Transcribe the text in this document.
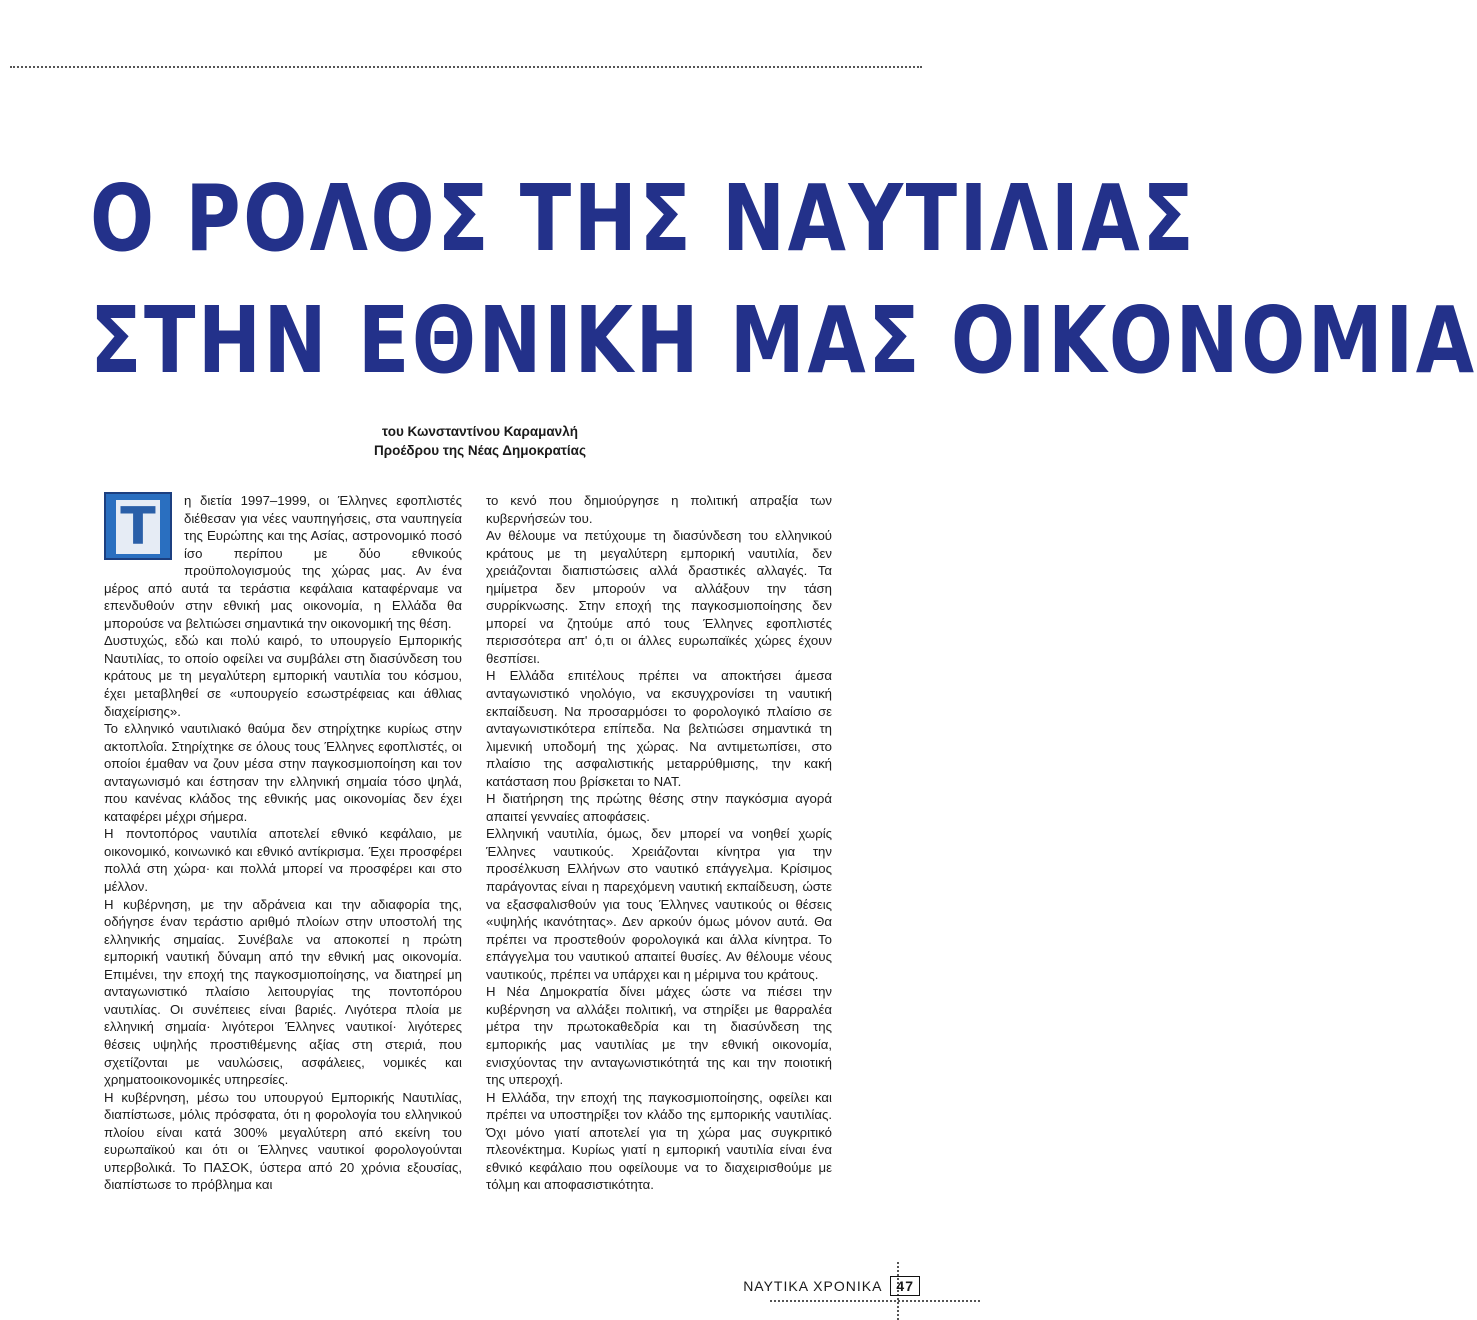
Ο ΡΟΛΟΣ ΤΗΣ ΝΑΥΤΙΛΙΑΣ
ΣΤΗΝ ΕΘΝΙΚΗ ΜΑΣ ΟΙΚΟΝΟΜΙΑ
του Κωνσταντίνου Καραμανλή
Προέδρου της Νέας Δημοκρατίας
Τ	η διετία 1997–1999, οι Έλληνες εφοπλιστές διέθεσαν για νέες ναυπηγήσεις, στα ναυπηγεία της Ευρώπης και της Ασίας, αστρονομικό ποσό ίσο περίπου με δύο εθνικούς προϋπολογισμούς της χώρας μας. Αν ένα μέρος από αυτά τα τεράστια κεφάλαια καταφέρναμε να επενδυθούν στην εθνική μας οικονομία, η Ελλάδα θα μπορούσε να βελτιώσει σημαντικά την οικονομική της θέση.

Δυστυχώς, εδώ και πολύ καιρό, το υπουργείο Εμπορικής Ναυτιλίας, το οποίο οφείλει να συμβάλει στη διασύνδεση του κράτους με τη μεγαλύτερη εμπορική ναυτιλία του κόσμου, έχει μεταβληθεί σε «υπουργείο εσωστρέφειας και άθλιας διαχείρισης».

Το ελληνικό ναυτιλιακό θαύμα δεν στηρίχτηκε κυρίως στην ακτοπλοΐα. Στηρίχτηκε σε όλους τους Έλληνες εφοπλιστές, οι οποίοι έμαθαν να ζουν μέσα στην παγκοσμιοποίηση και τον ανταγωνισμό και έστησαν την ελληνική σημαία τόσο ψηλά, που κανένας κλάδος της εθνικής μας οικονομίας δεν έχει καταφέρει μέχρι σήμερα.

Η ποντοπόρος ναυτιλία αποτελεί εθνικό κεφάλαιο, με οικονομικό, κοινωνικό και εθνικό αντίκρισμα. Έχει προσφέρει πολλά στη χώρα· και πολλά μπορεί να προσφέρει και στο μέλλον.

Η κυβέρνηση, με την αδράνεια και την αδιαφορία της, οδήγησε έναν τεράστιο αριθμό πλοίων στην υποστολή της ελληνικής σημαίας. Συνέβαλε να αποκοπεί η πρώτη εμπορική ναυτική δύναμη από την εθνική μας οικονομία. Επιμένει, την εποχή της παγκοσμιοποίησης, να διατηρεί μη ανταγωνιστικό πλαίσιο λειτουργίας της ποντοπόρου ναυτιλίας. Οι συνέπειες είναι βαριές. Λιγότερα πλοία με ελληνική σημαία· λιγότεροι Έλληνες ναυτικοί· λιγότερες θέσεις υψηλής προστιθέμενης αξίας στη στεριά, που σχετίζονται με ναυλώσεις, ασφάλειες, νομικές και χρηματοοικονομικές υπηρεσίες.

Η κυβέρνηση, μέσω του υπουργού Εμπορικής Ναυτιλίας, διαπίστωσε, μόλις πρόσφατα, ότι η φορολογία του ελληνικού πλοίου είναι κατά 300% μεγαλύτερη από εκείνη του ευρωπαϊκού και ότι οι Έλληνες ναυτικοί φορολογούνται υπερβολικά. Το ΠΑΣΟΚ, ύστερα από 20 χρόνια εξουσίας, διαπίστωσε το πρόβλημα και

το κενό που δημιούργησε η πολιτική απραξία των κυβερνήσεών του.

Αν θέλουμε να πετύχουμε τη διασύνδεση του ελληνικού κράτους με τη μεγαλύτερη εμπορική ναυτιλία, δεν χρειάζονται διαπιστώσεις αλλά δραστικές αλλαγές. Τα ημίμετρα δεν μπορούν να αλλάξουν την τάση συρρίκνωσης. Στην εποχή της παγκοσμιοποίησης δεν μπορεί να ζητούμε από τους Έλληνες εφοπλιστές περισσότερα απ' ό,τι οι άλλες ευρωπαϊκές χώρες έχουν θεσπίσει.

Η Ελλάδα επιτέλους πρέπει να αποκτήσει άμεσα ανταγωνιστικό νηολόγιο, να εκσυγχρονίσει τη ναυτική εκπαίδευση. Να προσαρμόσει το φορολογικό πλαίσιο σε ανταγωνιστικότερα επίπεδα. Να βελτιώσει σημαντικά τη λιμενική υποδομή της χώρας. Να αντιμετωπίσει, στο πλαίσιο της ασφαλιστικής μεταρρύθμισης, την κακή κατάσταση που βρίσκεται το ΝΑΤ.

Η διατήρηση της πρώτης θέσης στην παγκόσμια αγορά απαιτεί γενναίες αποφάσεις.

Ελληνική ναυτιλία, όμως, δεν μπορεί να νοηθεί χωρίς Έλληνες ναυτικούς. Χρειάζονται κίνητρα για την προσέλκυση Ελλήνων στο ναυτικό επάγγελμα. Κρίσιμος παράγοντας είναι η παρεχόμενη ναυτική εκπαίδευση, ώστε να εξασφαλισθούν για τους Έλληνες ναυτικούς οι θέσεις «υψηλής ικανότητας». Δεν αρκούν όμως μόνον αυτά. Θα πρέπει να προστεθούν φορολογικά και άλλα κίνητρα. Το επάγγελμα του ναυτικού απαιτεί θυσίες. Αν θέλουμε νέους ναυτικούς, πρέπει να υπάρχει και η μέριμνα του κράτους.

Η Νέα Δημοκρατία δίνει μάχες ώστε να πιέσει την κυβέρνηση να αλλάξει πολιτική, να στηρίξει με θαρραλέα μέτρα την πρωτοκαθεδρία και τη διασύνδεση της εμπορικής μας ναυτιλίας με την εθνική οικονομία, ενισχύοντας την ανταγωνιστικότητά της και την ποιοτική της υπεροχή.

Η Ελλάδα, την εποχή της παγκοσμιοποίησης, οφείλει και πρέπει να υποστηρίξει τον κλάδο της εμπορικής ναυτιλίας. Όχι μόνο γιατί αποτελεί για τη χώρα μας συγκριτικό πλεονέκτημα. Κυρίως γιατί η εμπορική ναυτιλία είναι ένα εθνικό κεφάλαιο που οφείλουμε να το διαχειρισθούμε με τόλμη και αποφασιστικότητα.

ΝΑΥΤΙΚΑ ΧΡΟΝΙΚΑ	47
